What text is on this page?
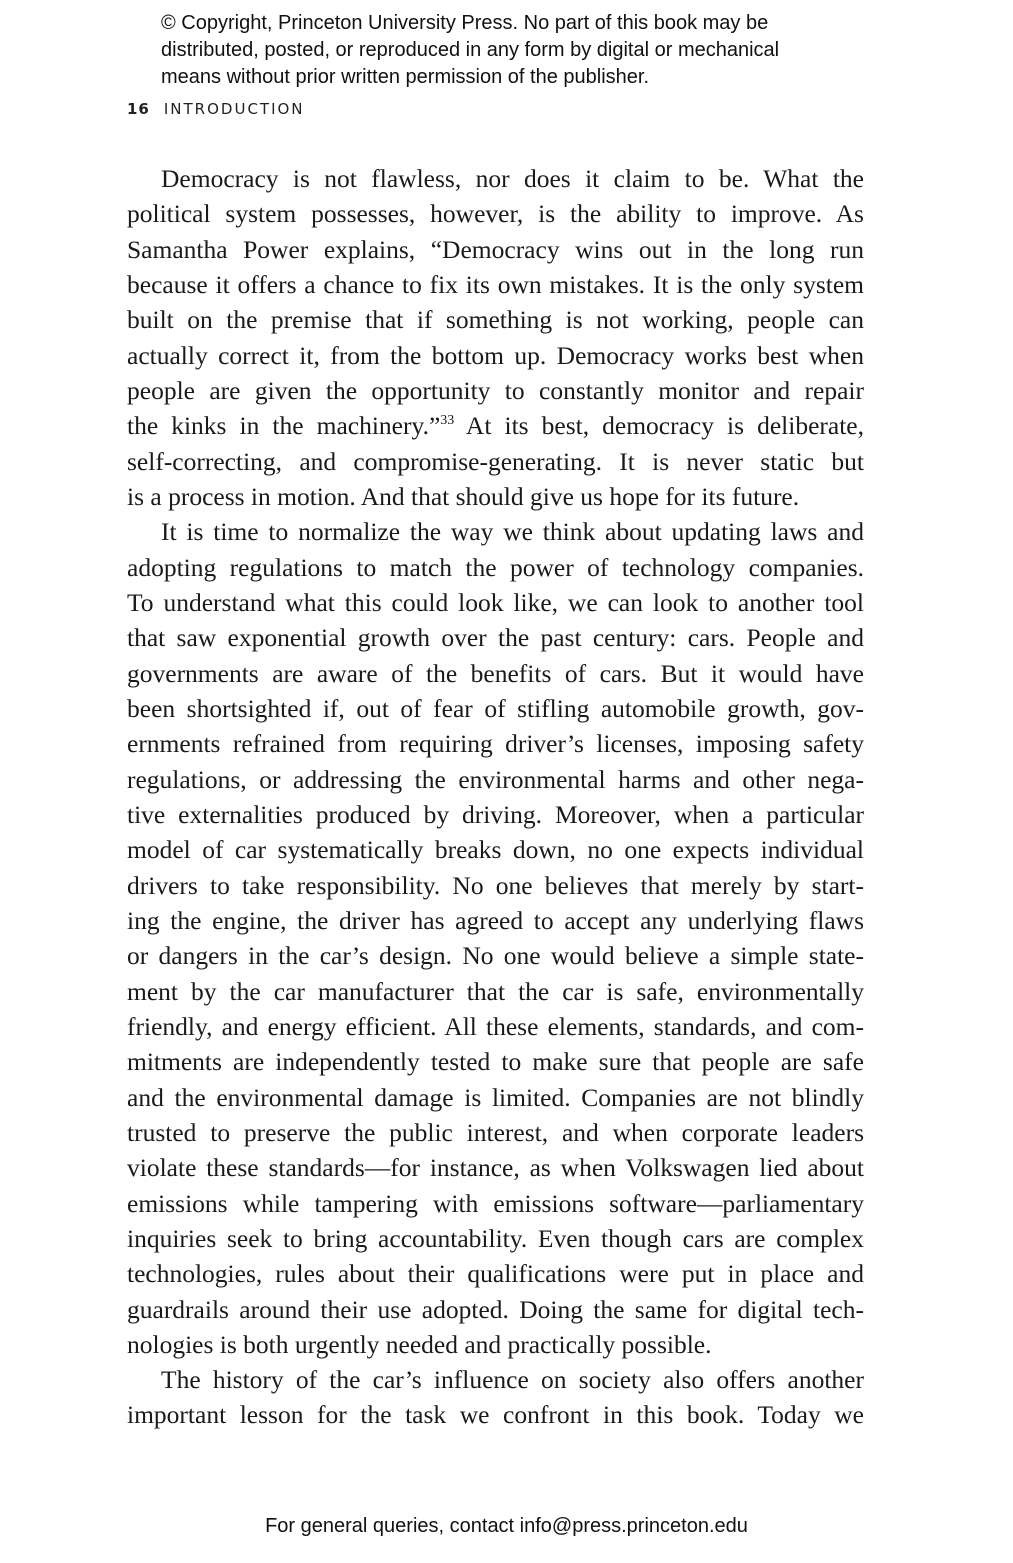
© Copyright, Princeton University Press. No part of this book may be
distributed, posted, or reproduced in any form by digital or mechanical
means without prior written permission of the publisher.
16 INTRODUCTION
Democracy is not flawless, nor does it claim to be. What the
political system possesses, however, is the ability to improve. As
Samantha Power explains, “Democracy wins out in the long run
because it offers a chance to fix its own mistakes. It is the only system
built on the premise that if something is not working, people can
actually correct it, from the bottom up. Democracy works best when
people are given the opportunity to constantly monitor and repair
the kinks in the machinery.”$^{33}$ At its best, democracy is deliberate,
self-correcting, and compromise-generating. It is never static but
is a process in motion. And that should give us hope for its future.
It is time to normalize the way we think about updating laws and
adopting regulations to match the power of technology companies.
To understand what this could look like, we can look to another tool
that saw exponential growth over the past century: cars. People and
governments are aware of the benefits of cars. But it would have
been shortsighted if, out of fear of stifling automobile growth, gov-
ernments refrained from requiring driver’s licenses, imposing safety
regulations, or addressing the environmental harms and other nega-
tive externalities produced by driving. Moreover, when a particular
model of car systematically breaks down, no one expects individual
drivers to take responsibility. No one believes that merely by start-
ing the engine, the driver has agreed to accept any underlying flaws
or dangers in the car’s design. No one would believe a simple state-
ment by the car manufacturer that the car is safe, environmentally
friendly, and energy efficient. All these elements, standards, and com-
mitments are independently tested to make sure that people are safe
and the environmental damage is limited. Companies are not blindly
trusted to preserve the public interest, and when corporate leaders
violate these standards—for instance, as when Volkswagen lied about
emissions while tampering with emissions software—parliamentary
inquiries seek to bring accountability. Even though cars are complex
technologies, rules about their qualifications were put in place and
guardrails around their use adopted. Doing the same for digital tech-
nologies is both urgently needed and practically possible.
The history of the car’s influence on society also offers another
important lesson for the task we confront in this book. Today we
For general queries, contact info@press.princeton.edu
